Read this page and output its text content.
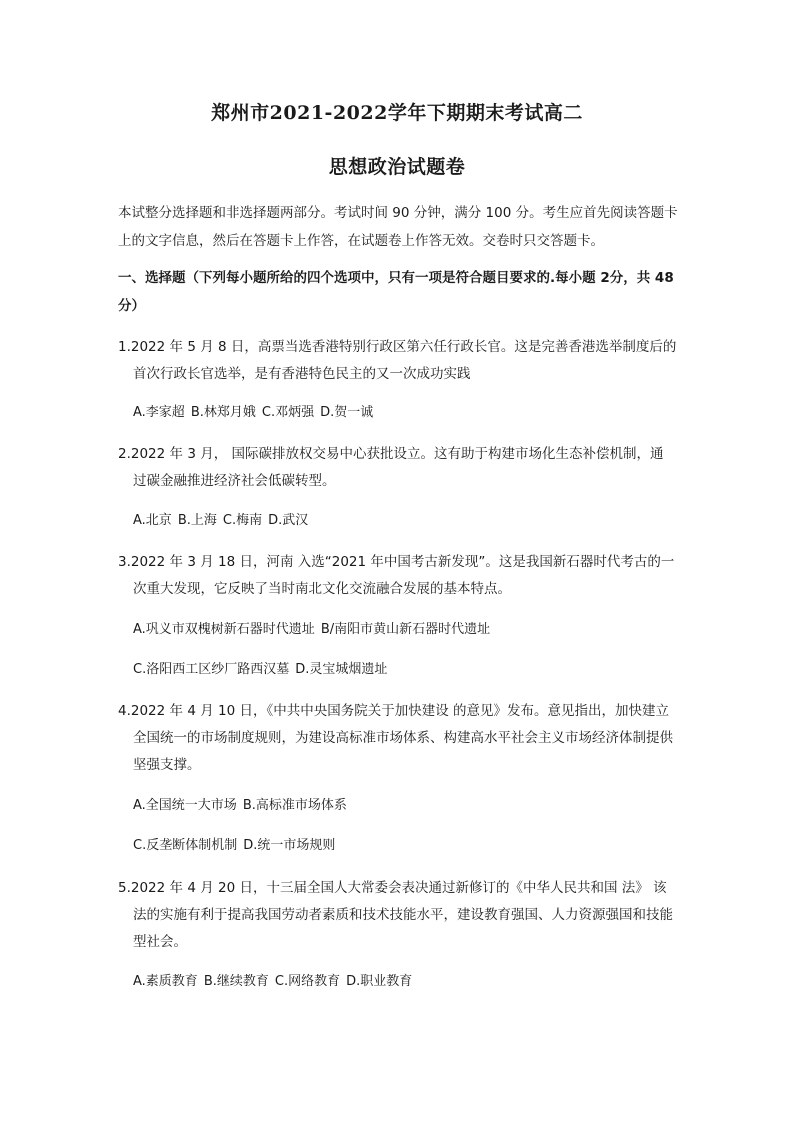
郑州市2021-2022学年下期期末考试高二
思想政治试题卷

本试整分选择题和非选择题两部分。考试时间 90 分钟，满分 100 分。考生应首先阅读答题卡上的文字信息，然后在答题卡上作答，在试题卷上作答无效。交卷时只交答题卡。

一、选择题（下列每小题所给的四个选项中，只有一项是符合题目要求的.每小题 2分，共 48 分）

1.2022 年 5 月 8 日，高票当选香港特别行政区第六任行政长官。这是完善香港选举制度后的
首次行政长官选举，是有香港特色民主的又一次成功实践
A.李家超 B.林郑月娥 C.邓炳强 D.贺一诚
2.2022 年 3 月， 国际碳排放权交易中心获批设立。这有助于构建市场化生态补偿机制，通
过碳金融推进经济社会低碳转型。
A.北京 B.上海 C.梅南 D.武汉
3.2022 年 3 月 18 日，河南 入选“2021 年中国考古新发现”。这是我国新石器时代考古的一
次重大发现，它反映了当时南北文化交流融合发展的基本特点。
A.巩义市双槐树新石器时代遗址 B/南阳市黄山新石器时代遗址
C.洛阳西工区纱厂路西汉墓 D.灵宝城烟遗址
4.2022 年 4 月 10 日，《中共中央国务院关于加快建设 的意见》发布。意见指出，加快建立
全国统一的市场制度规则，为建设高标准市场体系、构建高水平社会主义市场经济体制提供坚强支撑。
A.全国统一大市场 B.高标准市场体系
C.反垄断体制机制 D.统一市场规则
5.2022 年 4 月 20 日，十三届全国人大常委会表决通过新修订的《中华人民共和国 法》 该
法的实施有利于提高我国劳动者素质和技术技能水平，建设教育强国、人力资源强国和技能型社会。
A.素质教育 B.继续教育 C.网络教育 D.职业教育
